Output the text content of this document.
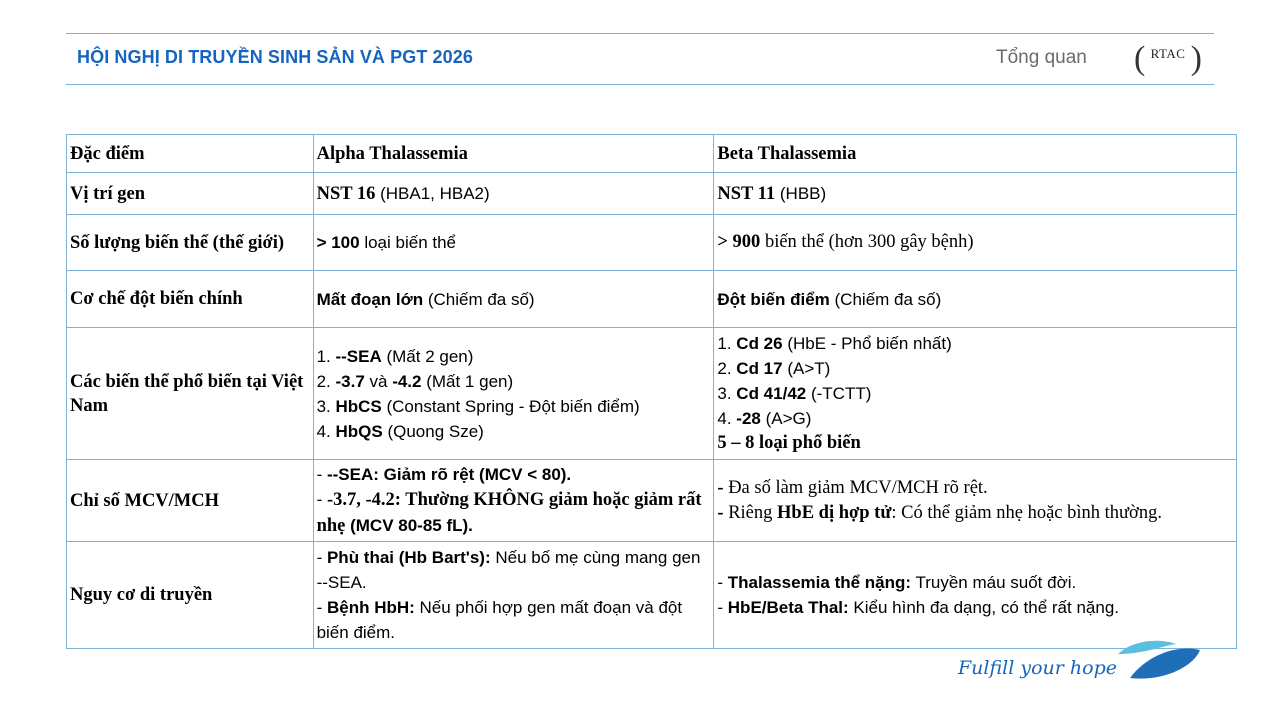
HỘI NGHỊ DI TRUYỀN SINH SẢN VÀ PGT 2026	Tổng quan ( RTAC )
Đặc điểm	Alpha Thalassemia	Beta Thalassemia
Vị trí gen	NST 16 (HBA1, HBA2)	NST 11 (HBB)
Số lượng biến thể (thế giới)	> 100 loại biến thể	> 900 biến thể (hơn 300 gây bệnh)
Cơ chế đột biến chính	Mất đoạn lớn (Chiếm đa số)	Đột biến điểm (Chiếm đa số)
Các biến thể phổ biến tại Việt Nam	1. --SEA (Mất 2 gen)
2. -3.7 và -4.2 (Mất 1 gen)
3. HbCS (Constant Spring - Đột biến điểm)
4. HbQS (Quong Sze)	1. Cd 26 (HbE - Phổ biến nhất)
2. Cd 17 (A>T)
3. Cd 41/42 (-TCTT)
4. -28 (A>G)
5 – 8 loại phổ biến

Chỉ số MCV/MCH	- --SEA: Giảm rõ rệt (MCV < 80).
- -3.7, -4.2: Thường KHÔNG giảm hoặc giảm rất nhẹ (MCV 80-85 fL).	- Đa số làm giảm MCV/MCH rõ rệt.
- Riêng HbE dị hợp tử: Có thể giảm nhẹ hoặc bình thường.

Nguy cơ di truyền	- Phù thai (Hb Bart's): Nếu bố mẹ cùng mang gen --SEA.
- Bệnh HbH: Nếu phối hợp gen mất đoạn và đột biến điểm.	- Thalassemia thể nặng: Truyền máu suốt đời.
- HbE/Beta Thal: Kiểu hình đa dạng, có thể rất nặng.
Fulfill your hope
